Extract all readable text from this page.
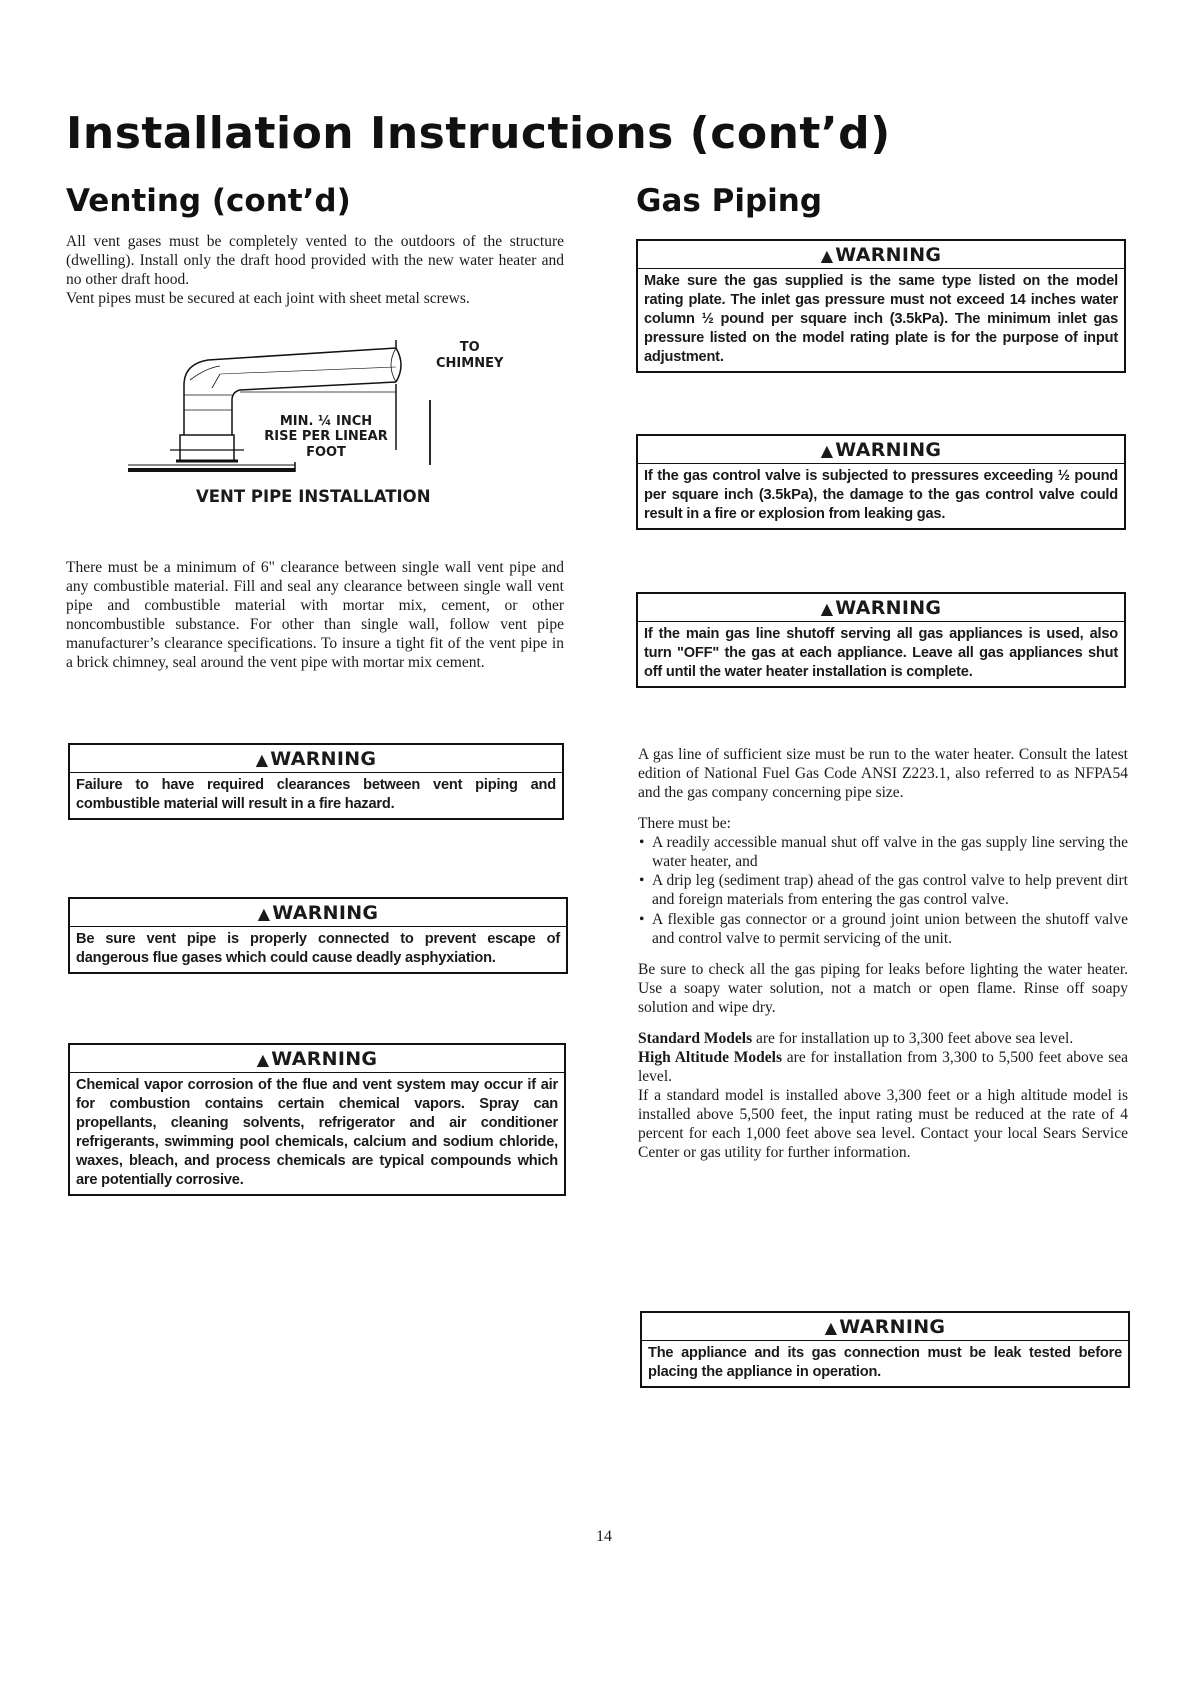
Installation Instructions (cont’d)
Venting (cont’d)	Gas Piping

All vent gases must be completely vented to the outdoors of the structure (dwelling). Install only the draft hood provided with the new water heater and no other draft hood.

Vent pipes must be secured at each joint with sheet metal screws.

TO
CHIMNEY
MIN. ¼ INCH
RISE PER LINEAR
FOOT

VENT PIPE INSTALLATION

There must be a minimum of 6" clearance between single wall vent pipe and any combustible material. Fill and seal any clearance between single wall vent pipe and combustible material with mortar mix, cement, or other noncombustible substance. For other than single wall, follow vent pipe manufacturer’s clearance specifications. To insure a tight fit of the vent pipe in a brick chimney, seal around the vent pipe with mortar mix cement.

▲ WARNING
Failure to have required clearances between vent piping and combustible material will result in a fire hazard.
▲ WARNING
Be sure vent pipe is properly connected to prevent escape of dangerous flue gases which could cause deadly asphyxiation.
▲ WARNING
Chemical vapor corrosion of the flue and vent system may occur if air for combustion contains certain chemical vapors. Spray can propellants, cleaning solvents, refrigerator and air conditioner refrigerants, swimming pool chemicals, calcium and sodium chloride, waxes, bleach, and process chemicals are typical compounds which are potentially corrosive.
▲ WARNING
Make sure the gas supplied is the same type listed on the model rating plate. The inlet gas pressure must not exceed 14 inches water column ½ pound per square inch (3.5kPa). The minimum inlet gas pressure listed on the model rating plate is for the purpose of input adjustment.
▲ WARNING
If the gas control valve is subjected to pressures exceeding ½ pound per square inch (3.5kPa), the damage to the gas control valve could result in a fire or explosion from leaking gas.
▲ WARNING
If the main gas line shutoff serving all gas appliances is used, also turn "OFF" the gas at each appliance. Leave all gas appliances shut off until the water heater installation is complete.

A gas line of sufficient size must be run to the water heater. Consult the latest edition of National Fuel Gas Code ANSI Z223.1, also referred to as NFPA54 and the gas company concerning pipe size.

There must be:

• A readily accessible manual shut off valve in the gas supply line serving the water heater, and
• A drip leg (sediment trap) ahead of the gas control valve to help prevent dirt and foreign materials from entering the gas control valve.
• A flexible gas connector or a ground joint union between the shutoff valve and control valve to permit servicing of the unit.

Be sure to check all the gas piping for leaks before lighting the water heater. Use a soapy water solution, not a match or open flame. Rinse off soapy solution and wipe dry.

Standard Models are for installation up to 3,300 feet above sea level.

High Altitude Models are for installation from 3,300 to 5,500 feet above sea level.

If a standard model is installed above 3,300 feet or a high altitude model is installed above 5,500 feet, the input rating must be reduced at the rate of 4 percent for each 1,000 feet above sea level. Contact your local Sears Service Center or gas utility for further information.

▲ WARNING
The appliance and its gas connection must be leak tested before placing the appliance in operation.

14
